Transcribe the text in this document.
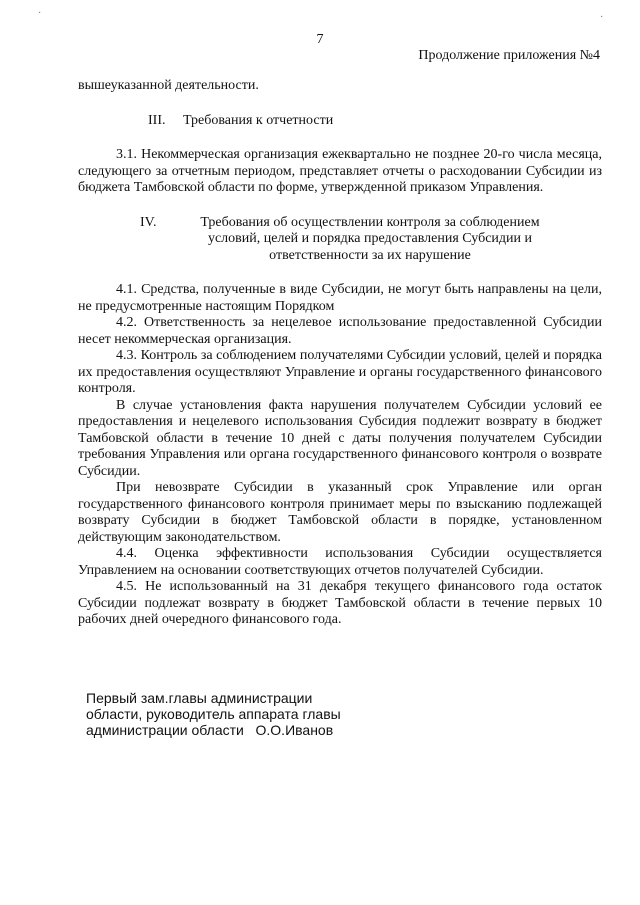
·	·
7
Продолжение приложения №4

вышеуказанной деятельности.

III. Требования к отчетности

3.1. Некоммерческая организация ежеквартально не позднее 20-го числа месяца, следующего за отчетным периодом, представляет отчеты о расходовании Субсидии из бюджета Тамбовской области по форме, утвержденной приказом Управления.

IV.	Требования об осуществлении контроля за соблюдением
условий, целей и порядка предоставления Субсидии и
ответственности за их нарушение

4.1. Средства, полученные в виде Субсидии, не могут быть направлены на цели, не предусмотренные настоящим Порядком

4.2. Ответственность за нецелевое использование предоставленной Субсидии несет некоммерческая организация.

4.3. Контроль за соблюдением получателями Субсидии условий, целей и порядка их предоставления осуществляют Управление и органы государственного финансового контроля.

В случае установления факта нарушения получателем Субсидии условий ее предоставления и нецелевого использования Субсидия подлежит возврату в бюджет Тамбовской области в течение 10 дней с даты получения получателем Субсидии требования Управления или органа государственного финансового контроля о возврате Субсидии.

При невозврате Субсидии в указанный срок Управление или орган государственного финансового контроля принимает меры по взысканию подлежащей возврату Субсидии в бюджет Тамбовской области в порядке, установленном действующим законодательством.

4.4. Оценка эффективности использования Субсидии осуществляется Управлением на основании соответствующих отчетов получателей Субсидии.

4.5. Не использованный на 31 декабря текущего финансового года остаток Субсидии подлежат возврату в бюджет Тамбовской области в течение первых 10 рабочих дней очередного финансового года.

Первый зам.главы администрации
области, руководитель аппарата главы
администрации области   О.О.Иванов
